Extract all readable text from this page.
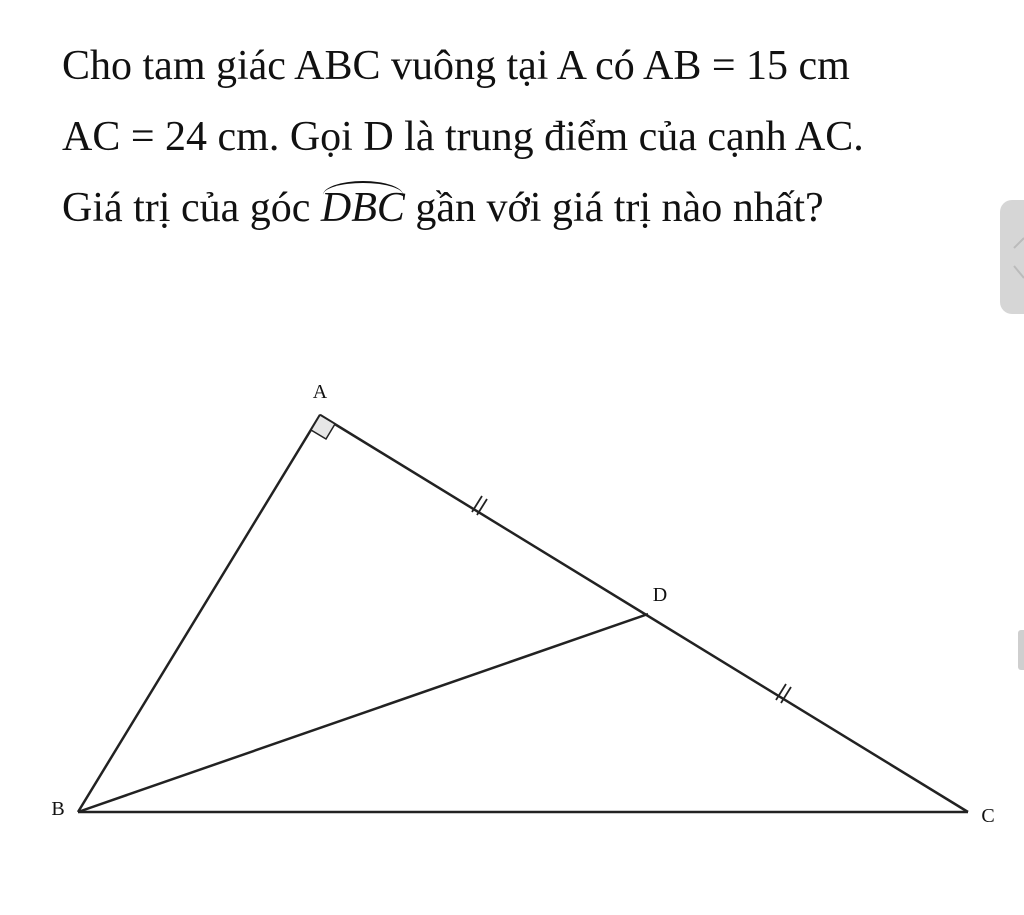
Cho tam giác ABC vuông tại A có AB = 15 cm
AC = 24 cm. Gọi D là trung điểm của cạnh AC.
Giá trị của góc DBC gần với giá trị nào nhất?
A
B	C
D
